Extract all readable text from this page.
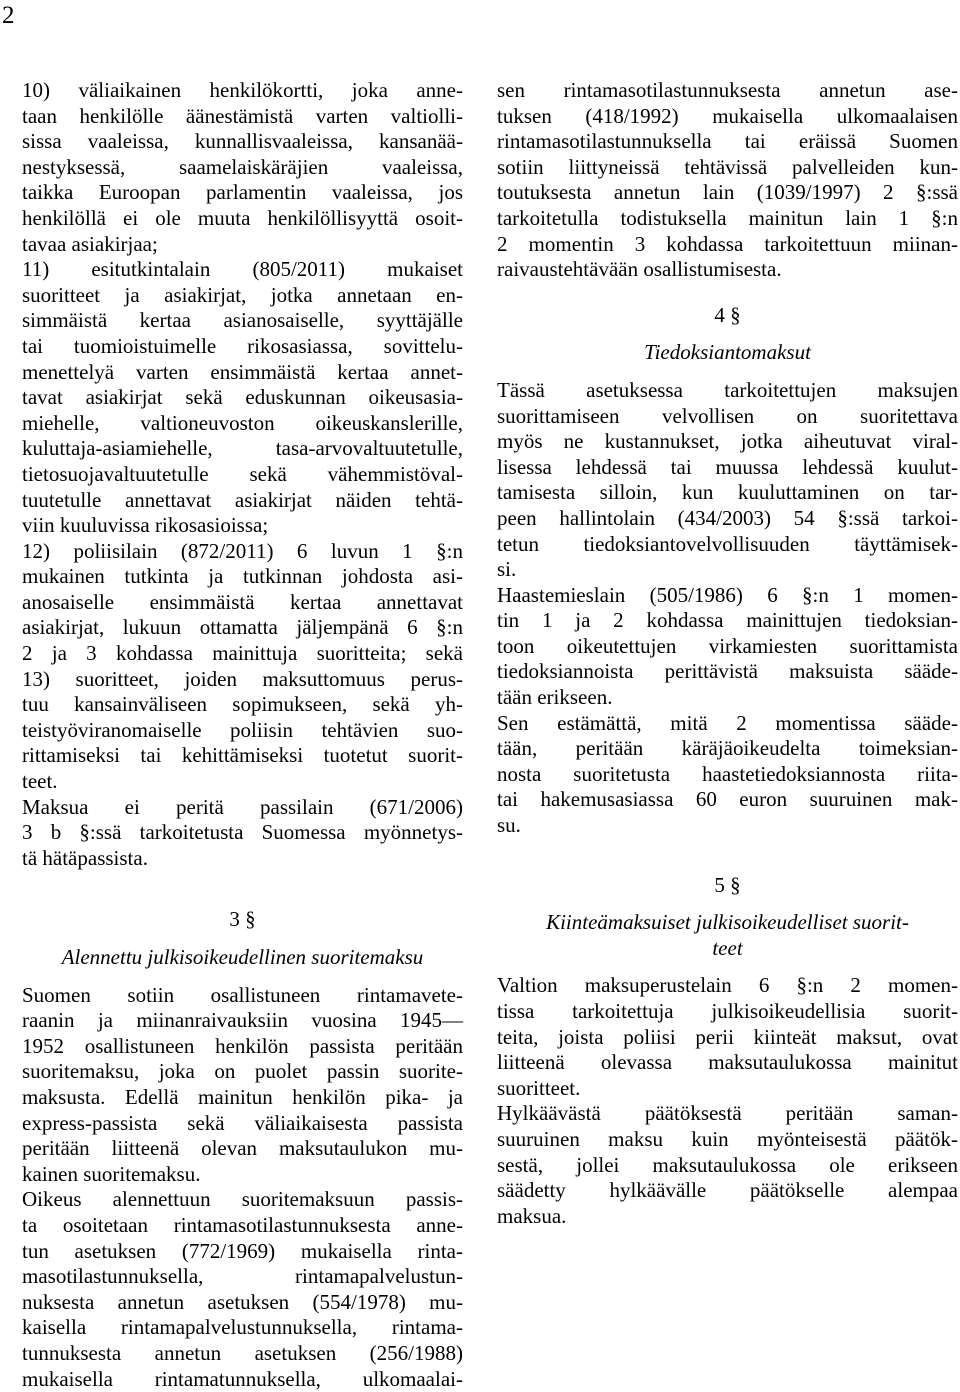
2
10) väliaikainen henkilökortti, joka anne-
taan henkilölle äänestämistä varten valtiolli-
sissa vaaleissa, kunnallisvaaleissa, kansanää-
nestyksessä, saamelaiskäräjien vaaleissa,
taikka Euroopan parlamentin vaaleissa, jos
henkilöllä ei ole muuta henkilöllisyyttä osoit-
tavaa asiakirjaa;
11) esitutkintalain (805/2011) mukaiset
suoritteet ja asiakirjat, jotka annetaan en-
simmäistä kertaa asianosaiselle, syyttäjälle
tai tuomioistuimelle rikosasiassa, sovittelu-
menettelyä varten ensimmäistä kertaa annet-
tavat asiakirjat sekä eduskunnan oikeusasia-
miehelle, valtioneuvoston oikeuskanslerille,
kuluttaja-asiamiehelle, tasa-arvovaltuutetulle,
tietosuojavaltuutetulle sekä vähemmistöval-
tuutetulle annettavat asiakirjat näiden tehtä-
viin kuuluvissa rikosasioissa;
12) poliisilain (872/2011) 6 luvun 1 §:n
mukainen tutkinta ja tutkinnan johdosta asi-
anosaiselle ensimmäistä kertaa annettavat
asiakirjat, lukuun ottamatta jäljempänä 6 §:n
2 ja 3 kohdassa mainittuja suoritteita; sekä
13) suoritteet, joiden maksuttomuus perus-
tuu kansainväliseen sopimukseen, sekä yh-
teistyöviranomaiselle poliisin tehtävien suo-
rittamiseksi tai kehittämiseksi tuotetut suorit-
teet.
Maksua ei peritä passilain (671/2006)
3 b §:ssä tarkoitetusta Suomessa myönnetys-
tä hätäpassista.
3 §
Alennettu julkisoikeudellinen suoritemaksu
Suomen sotiin osallistuneen rintamavete-
raanin ja miinanraivauksiin vuosina 1945—
1952 osallistuneen henkilön passista peritään
suoritemaksu, joka on puolet passin suorite-
maksusta. Edellä mainitun henkilön pika- ja
express-passista sekä väliaikaisesta passista
peritään liitteenä olevan maksutaulukon mu-
kainen suoritemaksu.
Oikeus alennettuun suoritemaksuun passis-
ta osoitetaan rintamasotilastunnuksesta anne-
tun asetuksen (772/1969) mukaisella rinta-
masotilastunnuksella, rintamapalvelustun-
nuksesta annetun asetuksen (554/1978) mu-
kaisella rintamapalvelustunnuksella, rintama-
tunnuksesta annetun asetuksen (256/1988)
mukaisella rintamatunnuksella, ulkomaalai-
sen rintamasotilastunnuksesta annetun ase-
tuksen (418/1992) mukaisella ulkomaalaisen
rintamasotilastunnuksella tai eräissä Suomen
sotiin liittyneissä tehtävissä palvelleiden kun-
toutuksesta annetun lain (1039/1997) 2 §:ssä
tarkoitetulla todistuksella mainitun lain 1 §:n
2 momentin 3 kohdassa tarkoitettuun miinan-
raivaustehtävään osallistumisesta.
4 §
Tiedoksiantomaksut
Tässä asetuksessa tarkoitettujen maksujen
suorittamiseen velvollisen on suoritettava
myös ne kustannukset, jotka aiheutuvat viral-
lisessa lehdessä tai muussa lehdessä kuulut-
tamisesta silloin, kun kuuluttaminen on tar-
peen hallintolain (434/2003) 54 §:ssä tarkoi-
tetun tiedoksiantovelvollisuuden täyttämisek-
si.
Haastemieslain (505/1986) 6 §:n 1 momen-
tin 1 ja 2 kohdassa mainittujen tiedoksian-
toon oikeutettujen virkamiesten suorittamista
tiedoksiannoista perittävistä maksuista sääde-
tään erikseen.
Sen estämättä, mitä 2 momentissa sääde-
tään, peritään käräjäoikeudelta toimeksian-
nosta suoritetusta haastetiedoksiannosta riita-
tai hakemusasiassa 60 euron suuruinen mak-
su.
5 §
Kiinteämaksuiset julkisoikeudelliset suorit-
teet
Valtion maksuperustelain 6 §:n 2 momen-
tissa tarkoitettuja julkisoikeudellisia suorit-
teita, joista poliisi perii kiinteät maksut, ovat
liitteenä olevassa maksutaulukossa mainitut
suoritteet.
Hylkäävästä päätöksestä peritään saman-
suuruinen maksu kuin myönteisestä päätök-
sestä, jollei maksutaulukossa ole erikseen
säädetty hylkäävälle päätökselle alempaa
maksua.
